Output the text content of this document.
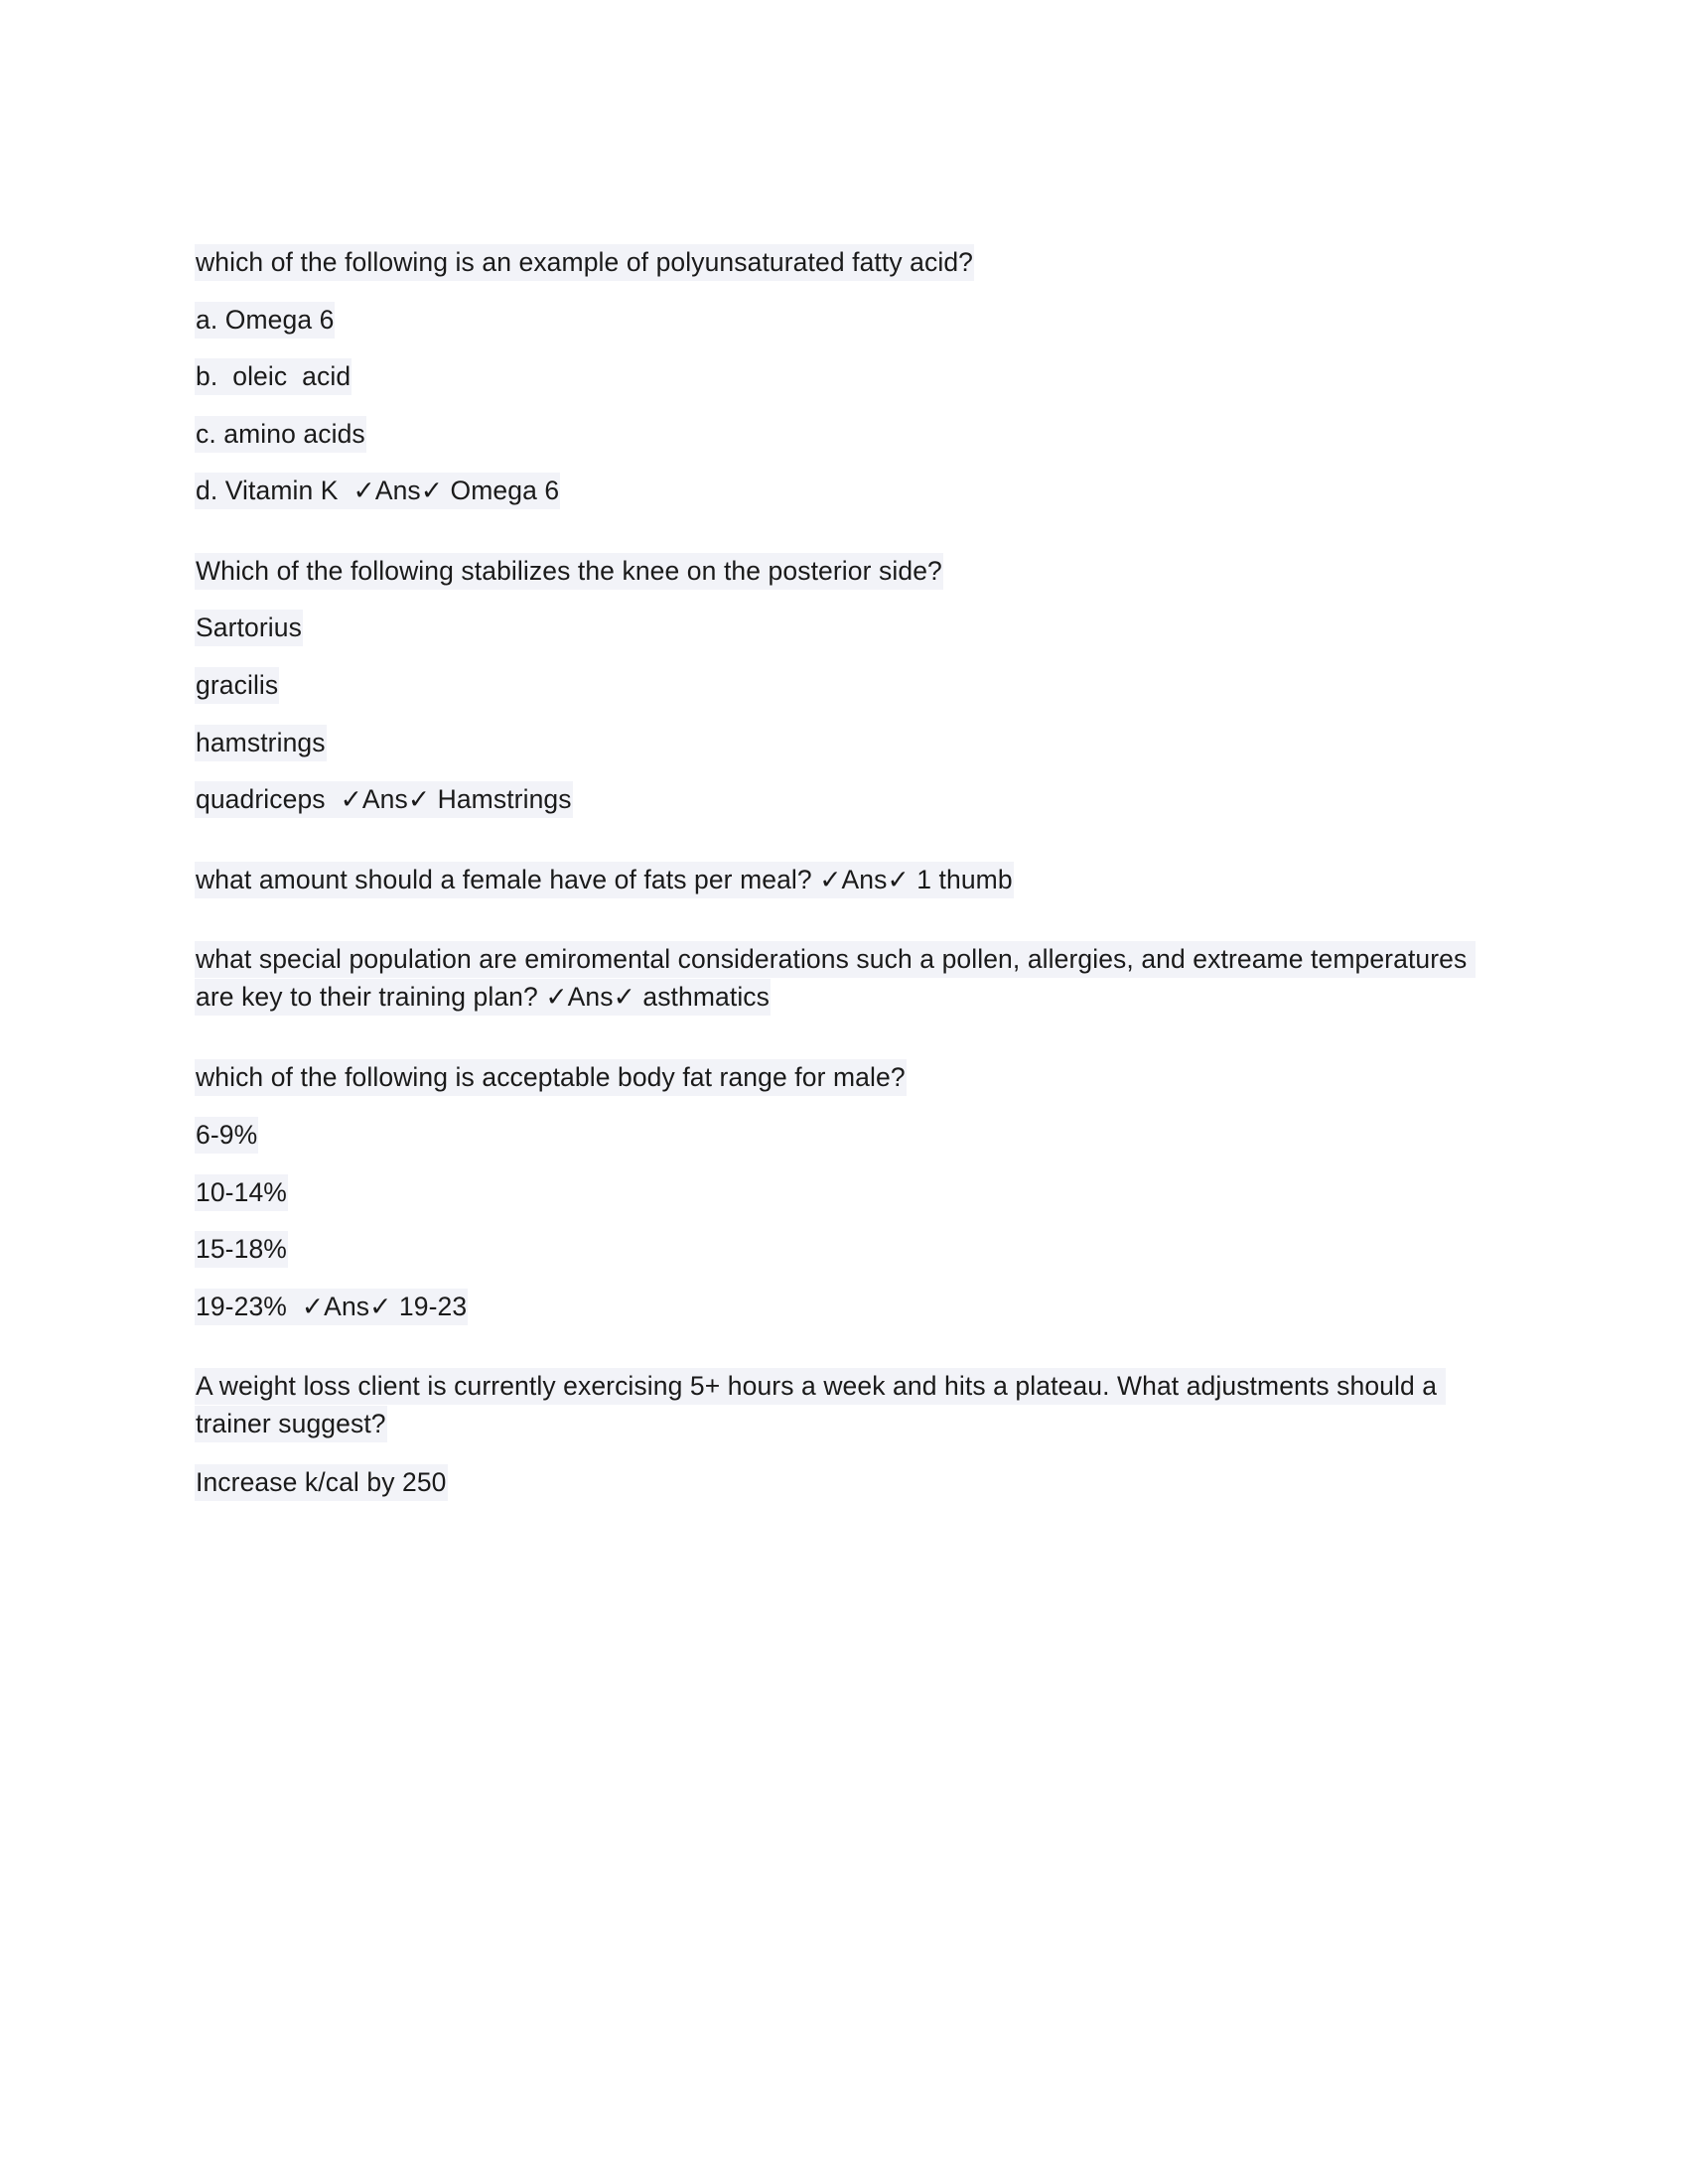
which of the following is an example of polyunsaturated fatty acid?

a. Omega 6

b.  oleic  acid

c. amino acids

d. Vitamin K  ✓Ans✓ Omega 6

Which of the following stabilizes the knee on the posterior side?

Sartorius

gracilis

hamstrings

quadriceps  ✓Ans✓ Hamstrings

what amount should a female have of fats per meal? ✓Ans✓ 1 thumb

what special population are emiromental considerations such a pollen, allergies, and extreame temperatures are key to their training plan? ✓Ans✓ asthmatics

which of the following is acceptable body fat range for male?

6-9%

10-14%

15-18%

19-23%  ✓Ans✓ 19-23

A weight loss client is currently exercising 5+ hours a week and hits a plateau. What adjustments should a trainer suggest?

Increase k/cal by 250
